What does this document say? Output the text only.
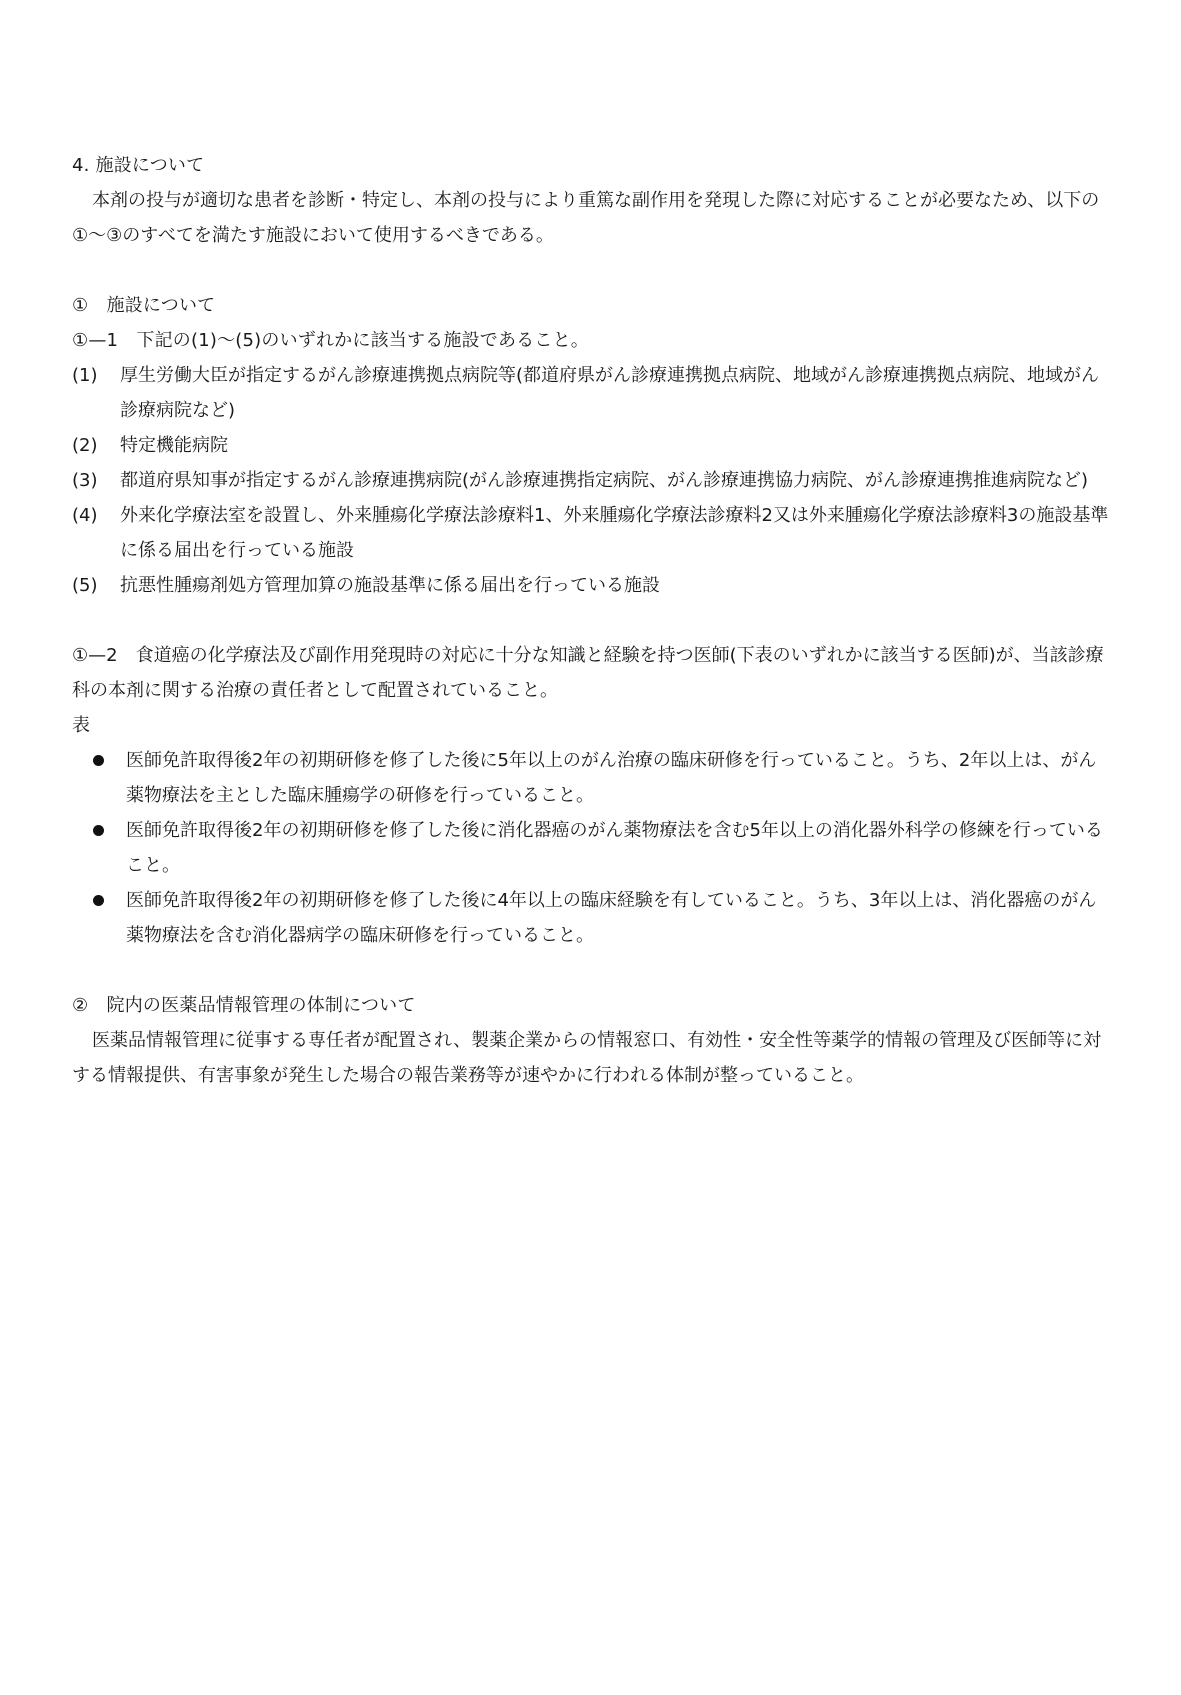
4. 施設について
本剤の投与が適切な患者を診断・特定し、本剤の投与により重篤な副作用を発現した際に対応することが必要なため、以下の①～③のすべてを満たす施設において使用するべきである。
①　施設について
①—1　下記の(1)～(5)のいずれかに該当する施設であること。
(1)	厚生労働大臣が指定するがん診療連携拠点病院等(都道府県がん診療連携拠点病院、地域がん診療連携拠点病院、地域がん診療病院など)
(2)	特定機能病院
(3)	都道府県知事が指定するがん診療連携病院(がん診療連携指定病院、がん診療連携協力病院、がん診療連携推進病院など)
(4)	外来化学療法室を設置し、外来腫瘍化学療法診療料1、外来腫瘍化学療法診療料2又は外来腫瘍化学療法診療料3の施設基準に係る届出を行っている施設
(5)	抗悪性腫瘍剤処方管理加算の施設基準に係る届出を行っている施設
①—2　食道癌の化学療法及び副作用発現時の対応に十分な知識と経験を持つ医師(下表のいずれかに該当する医師)が、当該診療科の本剤に関する治療の責任者として配置されていること。
表
医師免許取得後2年の初期研修を修了した後に5年以上のがん治療の臨床研修を行っていること。うち、2年以上は、がん薬物療法を主とした臨床腫瘍学の研修を行っていること。
医師免許取得後2年の初期研修を修了した後に消化器癌のがん薬物療法を含む5年以上の消化器外科学の修練を行っていること。
医師免許取得後2年の初期研修を修了した後に4年以上の臨床経験を有していること。うち、3年以上は、消化器癌のがん薬物療法を含む消化器病学の臨床研修を行っていること。
②　院内の医薬品情報管理の体制について
医薬品情報管理に従事する専任者が配置され、製薬企業からの情報窓口、有効性・安全性等薬学的情報の管理及び医師等に対する情報提供、有害事象が発生した場合の報告業務等が速やかに行われる体制が整っていること。
